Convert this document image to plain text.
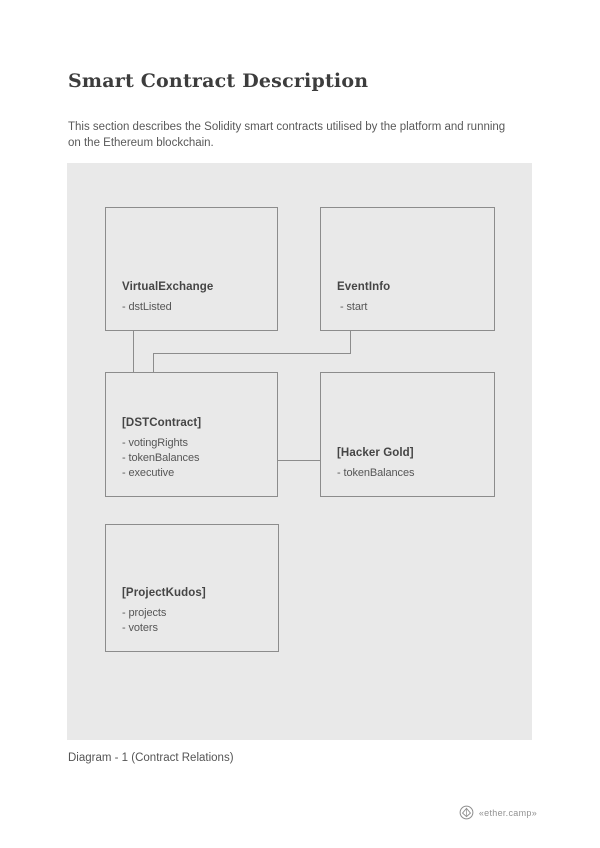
Smart Contract Description

This section describes the Solidity smart contracts utilised by the platform and running on the Ethereum blockchain.

VirtualExchange
- dstListed
EventInfo
- start
[DSTContract]
- votingRights
- tokenBalances
- executive
[Hacker Gold]
- tokenBalances
[ProjectKudos]
- projects
- voters
Diagram - 1 (Contract Relations)
«ether.camp»
